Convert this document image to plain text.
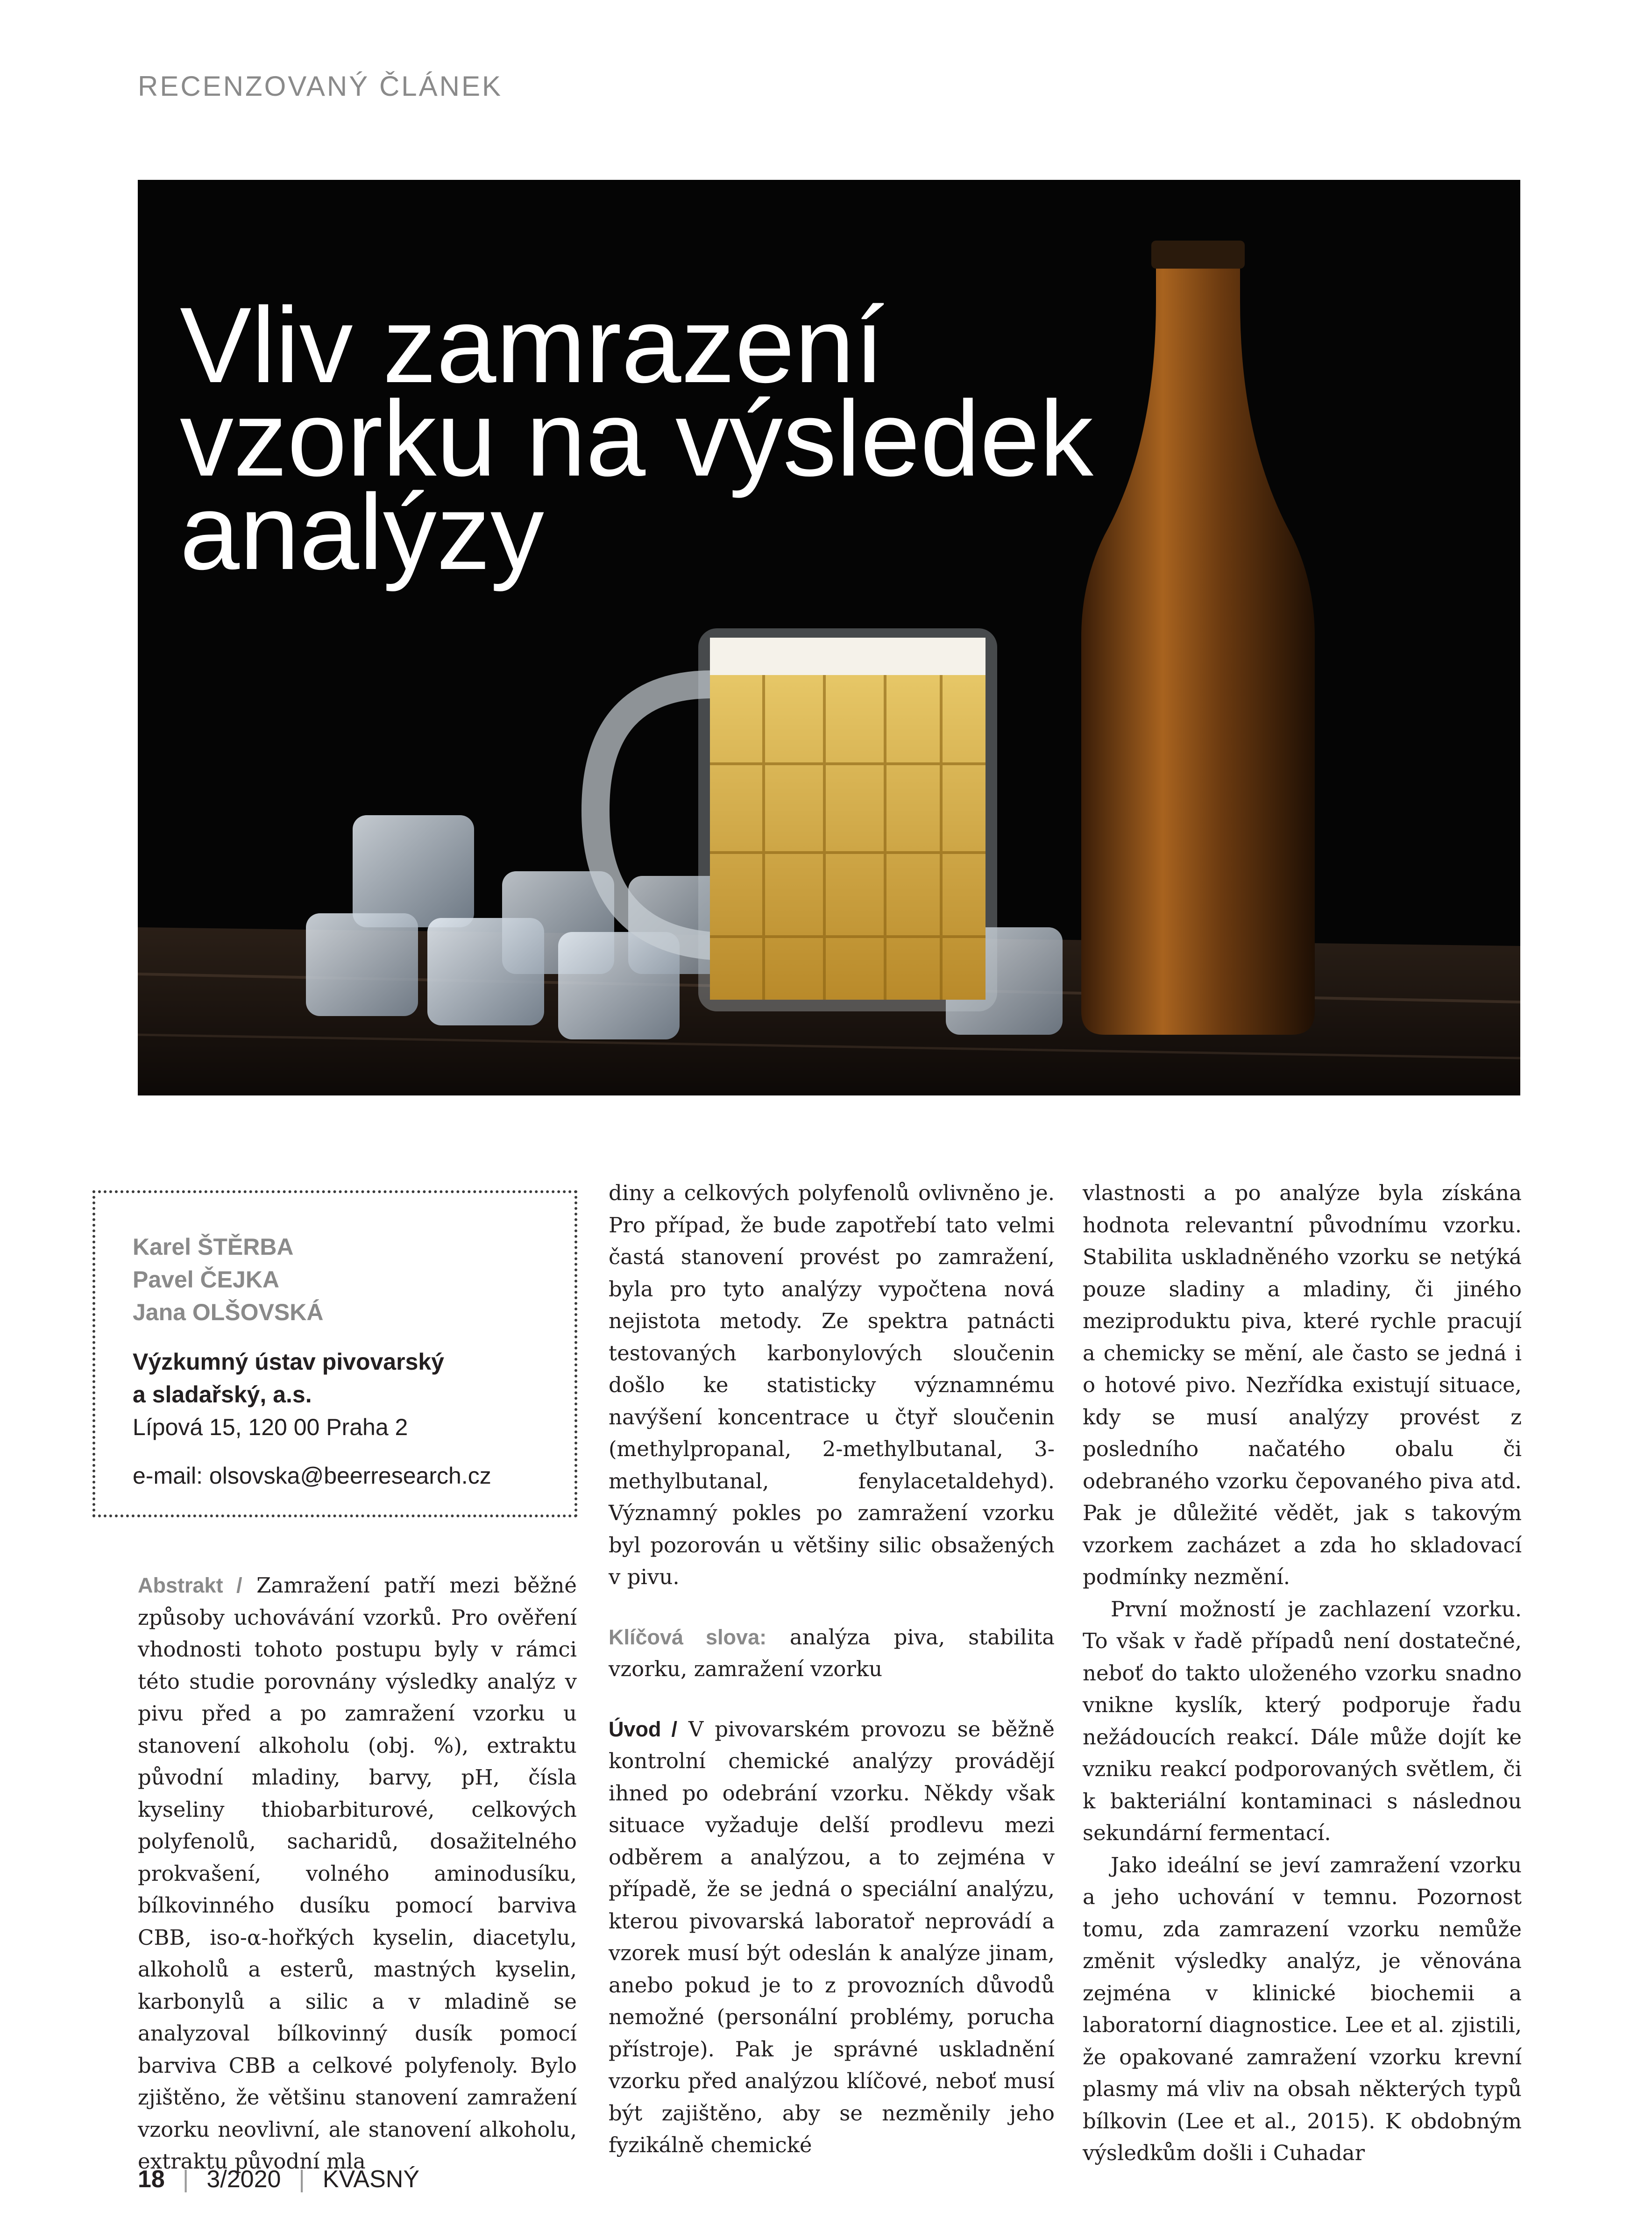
RECENZOVANÝ ČLÁNEK
Vliv zamrazení
vzorku na výsledek
analýzy
Karel ŠTĚRBA
Pavel ČEJKA
Jana OLŠOVSKÁ
Výzkumný ústav pivovarský
a sladařský, a.s.
Lípová 15, 120 00 Praha 2
e-mail: olsovska@beerresearch.cz

Abstrakt / Zamražení patří mezi běžné způsoby uchovávání vzorků. Pro ověření vhodnosti tohoto postupu byly v rámci této studie porovnány výsledky analýz v pivu před a po zamražení vzorku u stanovení alkoholu (obj. %), extraktu původní mladiny, barvy, pH, čísla kyseliny thiobarbiturové, celkových polyfenolů, sacharidů, dosažitelného prokvašení, volného aminodusíku, bílkovinného dusíku pomocí barviva CBB, iso-α-hořkých kyselin, diacetylu, alkoholů a esterů, mastných kyselin, karbonylů a silic a v mladině se analyzoval bílkovinný dusík pomocí barviva CBB a celkové polyfenoly. Bylo zjištěno, že většinu stanovení zamražení vzorku neovlivní, ale stanovení alkoholu, extraktu původní mla

diny a celkových polyfenolů ovlivněno je. Pro případ, že bude zapotřebí tato velmi častá stanovení provést po zamražení, byla pro tyto analýzy vypočtena nová nejistota metody. Ze spektra patnácti testovaných karbonylových sloučenin došlo ke statisticky významnému navýšení koncentrace u čtyř sloučenin (methylpropanal, 2-methylbutanal, 3-methylbutanal, fenylacetaldehyd). Významný pokles po zamražení vzorku byl pozorován u většiny silic obsažených v pivu.

Klíčová slova: analýza piva, stabilita vzorku, zamražení vzorku

Úvod / V pivovarském provozu se běžně kontrolní chemické analýzy provádějí ihned po odebrání vzorku. Někdy však situace vyžaduje delší prodlevu mezi odběrem a analýzou, a to zejména v případě, že se jedná o speciální analýzu, kterou pivovarská laboratoř neprovádí a vzorek musí být odeslán k analýze jinam, anebo pokud je to z provozních důvodů nemožné (personální problémy, porucha přístroje). Pak je správné uskladnění vzorku před analýzou klíčové, neboť musí být zajištěno, aby se nezměnily jeho fyzikálně chemické

vlastnosti a po analýze byla získána hodnota relevantní původnímu vzorku. Stabilita uskladněného vzorku se netýká pouze sladiny a mladiny, či jiného meziproduktu piva, které rychle pracují a chemicky se mění, ale často se jedná i o hotové pivo. Nezřídka existují situace, kdy se musí analýzy provést z posledního načatého obalu či odebraného vzorku čepovaného piva atd. Pak je důležité vědět, jak s takovým vzorkem zacházet a zda ho skladovací podmínky nezmění.

První možností je zachlazení vzorku. To však v řadě případů není dostatečné, neboť do takto uloženého vzorku snadno vnikne kyslík, který podporuje řadu nežádoucích reakcí. Dále může dojít ke vzniku reakcí podporovaných světlem, či k bakteriální kontaminaci s následnou sekundární fermentací.

Jako ideální se jeví zamražení vzorku a jeho uchování v temnu. Pozornost tomu, zda zamrazení vzorku nemůže změnit výsledky analýz, je věnována zejména v klinické biochemii a laboratorní diagnostice. Lee et al. zjistili, že opakované zamražení vzorku krevní plasmy má vliv na obsah některých typů bílkovin (Lee et al., 2015). K obdobným výsledkům došli i Cuhadar

18 | 3/2020 | KVASNÝ
